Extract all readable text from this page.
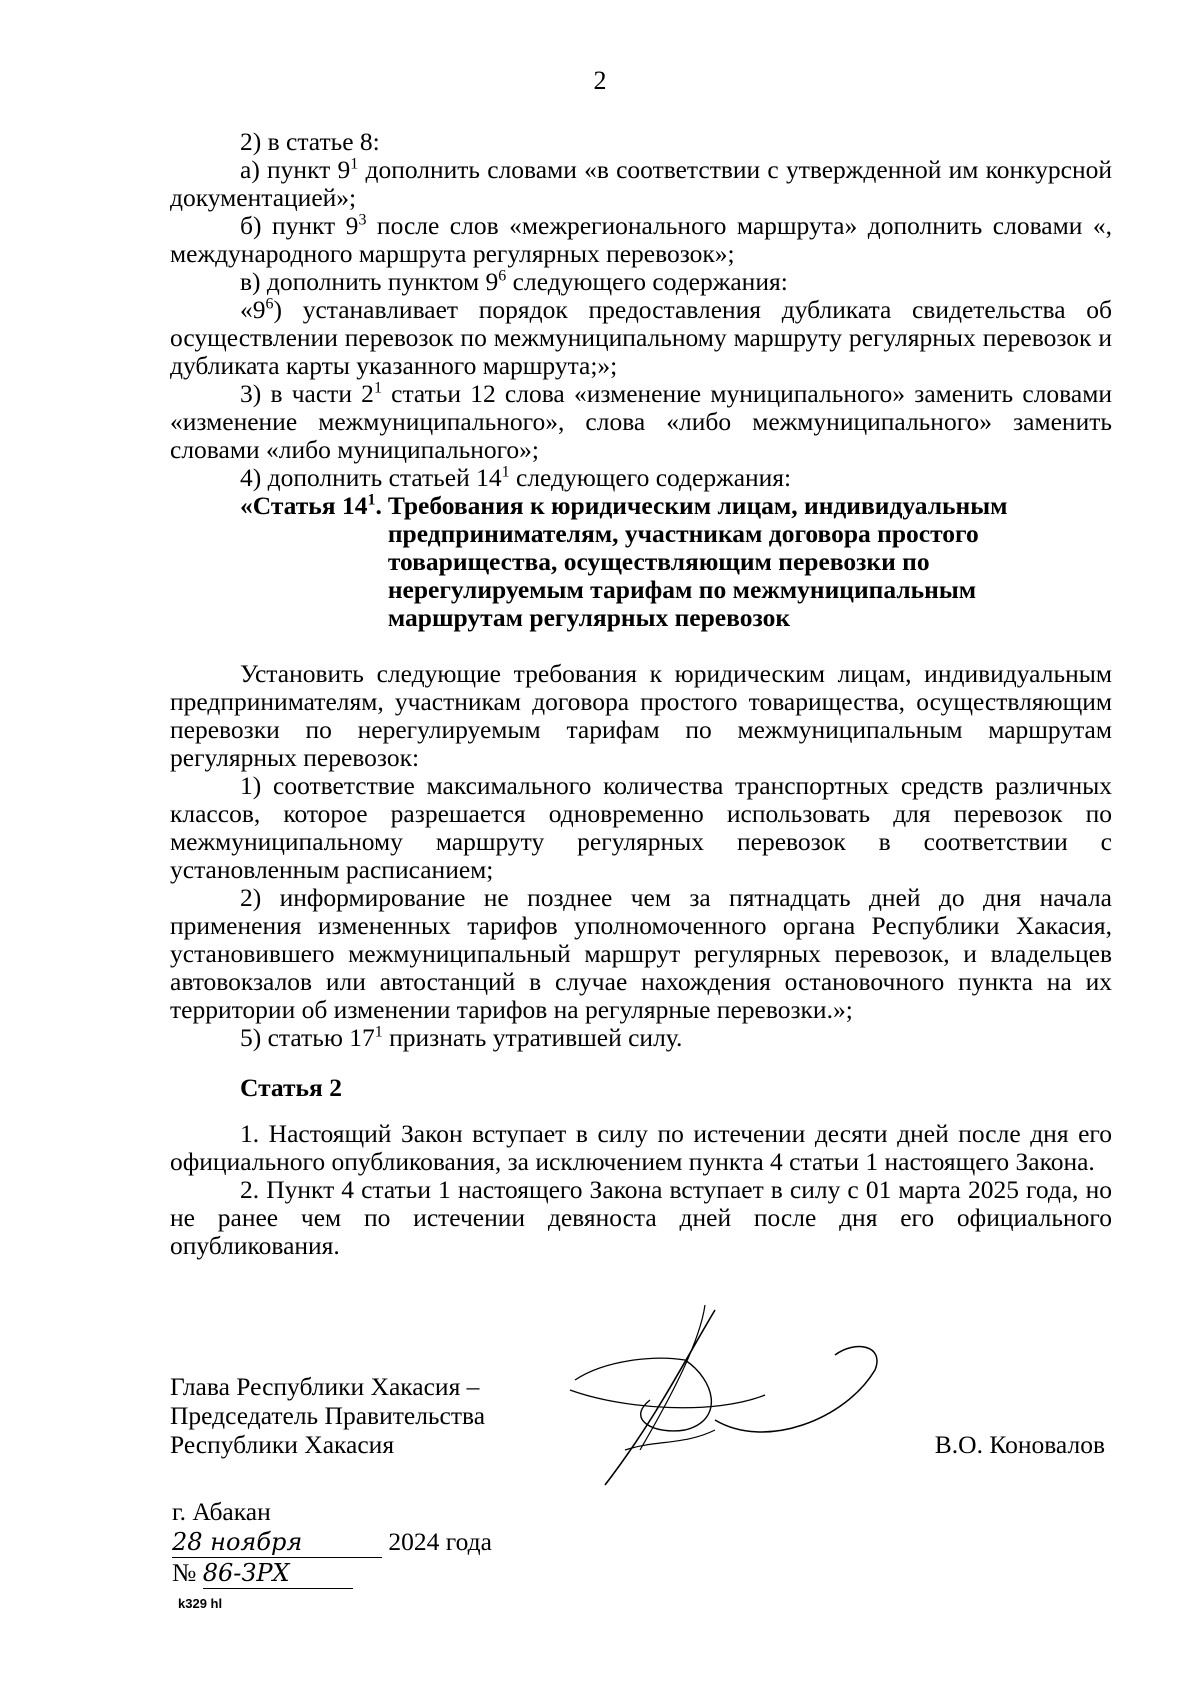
2

2) в статье 8:

а) пункт $9^1$ дополнить словами «в соответствии с утвержденной им конкурсной документацией»;

б) пункт $9^3$ после слов «межрегионального маршрута» дополнить словами «, международного маршрута регулярных перевозок»;

в) дополнить пунктом $9^6$ следующего содержания:

«$9^6$) устанавливает порядок предоставления дубликата свидетельства об осуществлении перевозок по межмуниципальному маршруту регулярных перевозок и дубликата карты указанного маршрута;»;

3) в части $2^1$ статьи 12 слова «изменение муниципального» заменить словами «изменение межмуниципального», слова «либо межмуниципального» заменить словами «либо муниципального»;

4) дополнить статьей $14^1$ следующего содержания:

«Статья $14^1$. Требования к юридическим лицам, индивидуальным предпринимателям, участникам договора простого товарищества, осуществляющим перевозки по нерегулируемым тарифам по межмуниципальным маршрутам регулярных перевозок

Установить следующие требования к юридическим лицам, индивидуальным предпринимателям, участникам договора простого товарищества, осуществляющим перевозки по нерегулируемым тарифам по межмуниципальным маршрутам регулярных перевозок:

1) соответствие максимального количества транспортных средств различных классов, которое разрешается одновременно использовать для перевозок по межмуниципальному маршруту регулярных перевозок в соответствии с установленным расписанием;

2) информирование не позднее чем за пятнадцать дней до дня начала применения измененных тарифов уполномоченного органа Республики Хакасия, установившего межмуниципальный маршрут регулярных перевозок, и владельцев автовокзалов или автостанций в случае нахождения остановочного пункта на их территории об изменении тарифов на регулярные перевозки.»;

5) статью $17^1$ признать утратившей силу.

Статья 2

1. Настоящий Закон вступает в силу по истечении десяти дней после дня его официального опубликования, за исключением пункта 4 статьи 1 настоящего Закона.

2. Пункт 4 статьи 1 настоящего Закона вступает в силу с 01 марта 2025 года, но не ранее чем по истечении девяноста дней после дня его официального опубликования.

Глава Республики Хакасия –
Председатель Правительства
Республики Хакасия	В.О. Коновалов
г. Абакан
28 ноября	2024 года
№ 86-ЗРХ
k329 hl
